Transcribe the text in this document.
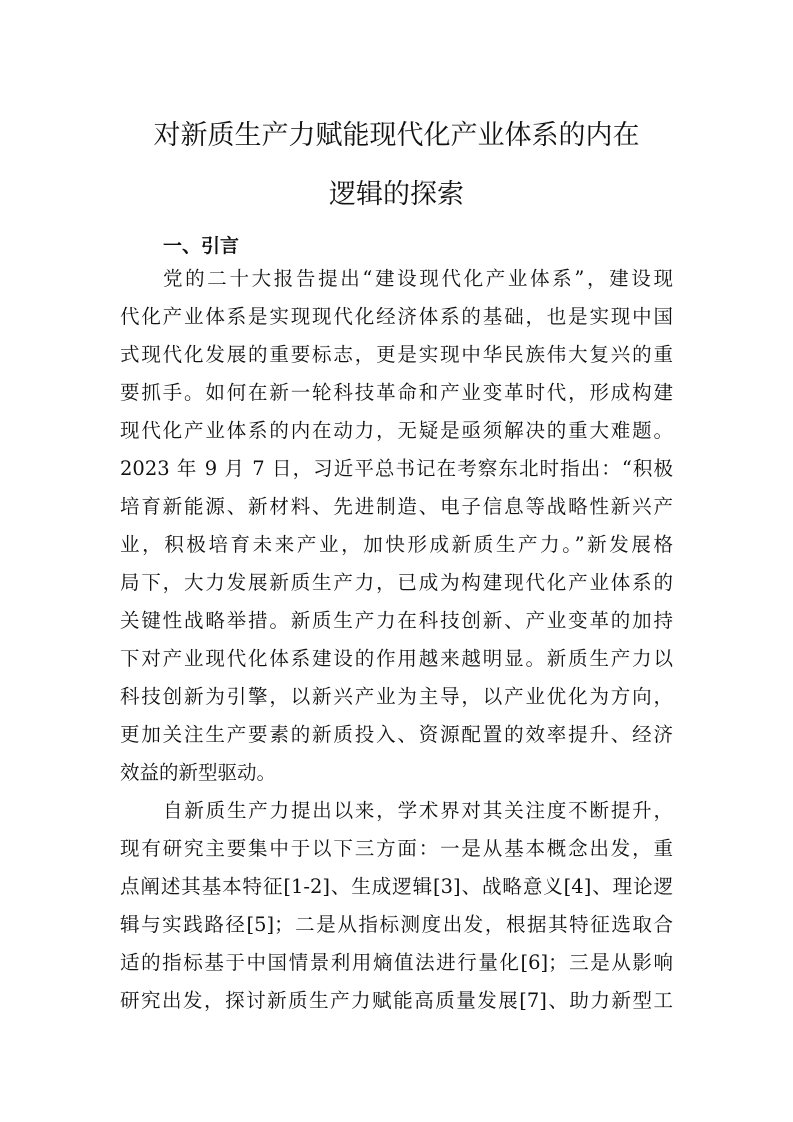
对新质生产力赋能现代化产业体系的内在
逻辑的探索
一、引言

党的二十大报告提出“建设现代化产业体系”，建设现

代化产业体系是实现现代化经济体系的基础，也是实现中国

式现代化发展的重要标志，更是实现中华民族伟大复兴的重

要抓手。如何在新一轮科技革命和产业变革时代，形成构建

现代化产业体系的内在动力，无疑是亟须解决的重大难题。

2023 年 9 月 7 日，习近平总书记在考察东北时指出：“积极

培育新能源、新材料、先进制造、电子信息等战略性新兴产

业，积极培育未来产业，加快形成新质生产力。”新发展格

局下，大力发展新质生产力，已成为构建现代化产业体系的

关键性战略举措。新质生产力在科技创新、产业变革的加持

下对产业现代化体系建设的作用越来越明显。新质生产力以

科技创新为引擎，以新兴产业为主导，以产业优化为方向，

更加关注生产要素的新质投入、资源配置的效率提升、经济

效益的新型驱动。

自新质生产力提出以来，学术界对其关注度不断提升，

现有研究主要集中于以下三方面：一是从基本概念出发，重

点阐述其基本特征[1-2]、生成逻辑[3]、战略意义[4]、理论逻

辑与实践路径[5]；二是从指标测度出发，根据其特征选取合

适的指标基于中国情景利用熵值法进行量化[6]；三是从影响

研究出发，探讨新质生产力赋能高质量发展[7]、助力新型工
